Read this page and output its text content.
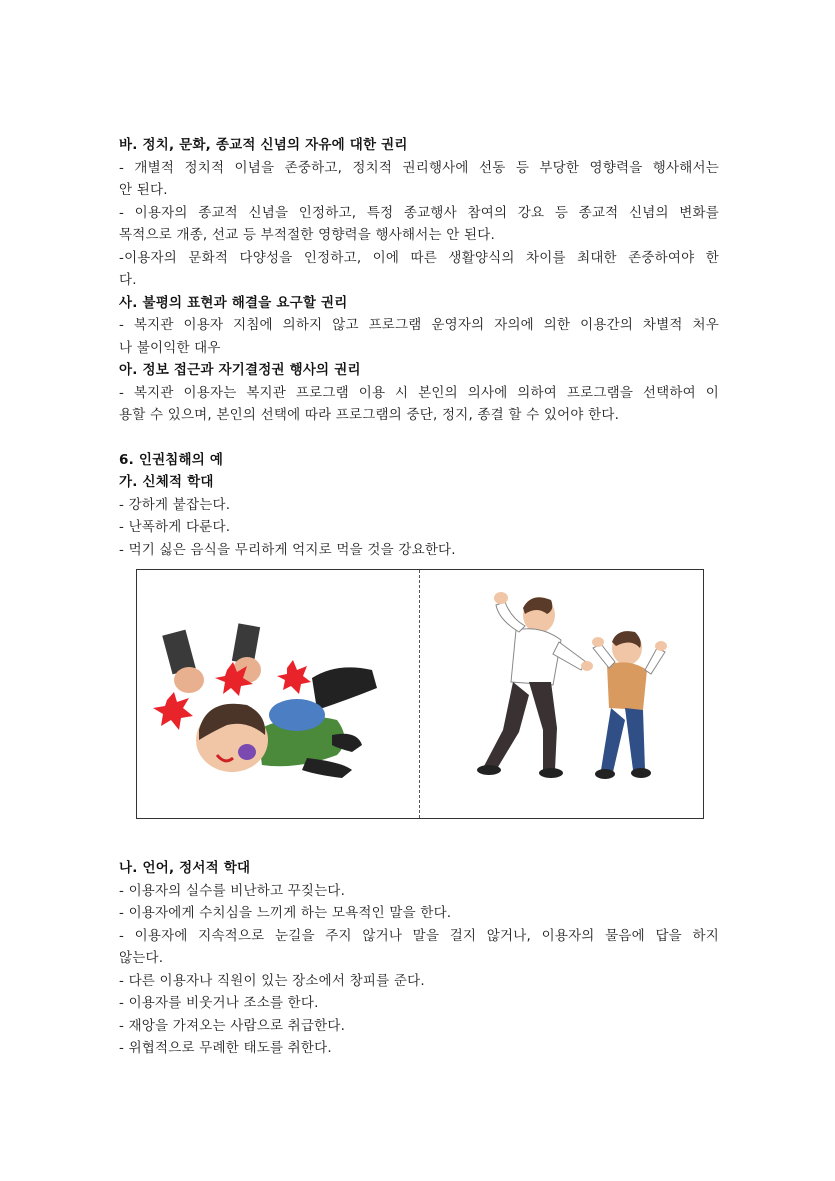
바. 정치, 문화, 종교적 신념의 자유에 대한 권리
- 개별적 정치적 이념을 존중하고, 정치적 권리행사에 선동 등 부당한 영향력을 행사해서는
안 된다.
- 이용자의 종교적 신념을 인정하고, 특정 종교행사 참여의 강요 등 종교적 신념의 변화를
목적으로 개종, 선교 등 부적절한 영향력을 행사해서는 안 된다.
-이용자의 문화적 다양성을 인정하고, 이에 따른 생활양식의 차이를 최대한 존중하여야 한
다.
사. 불평의 표현과 해결을 요구할 권리
- 복지관 이용자 지침에 의하지 않고 프로그램 운영자의 자의에 의한 이용간의 차별적 처우
나 불이익한 대우
아. 정보 접근과 자기결정권 행사의 권리
- 복지관 이용자는 복지관 프로그램 이용 시 본인의 의사에 의하여 프로그램을 선택하여 이
용할 수 있으며, 본인의 선택에 따라 프로그램의 중단, 정지, 종결 할 수 있어야 한다.
6. 인권침해의 예
가. 신체적 학대
- 강하게 붙잡는다.
- 난폭하게 다룬다.
- 먹기 싫은 음식을 무리하게 억지로 먹을 것을 강요한다.
나. 언어, 정서적 학대
- 이용자의 실수를 비난하고 꾸짖는다.
- 이용자에게 수치심을 느끼게 하는 모욕적인 말을 한다.
- 이용자에 지속적으로 눈길을 주지 않거나 말을 걸지 않거나, 이용자의 물음에 답을 하지
않는다.
- 다른 이용자나 직원이 있는 장소에서 창피를 준다.
- 이용자를 비웃거나 조소를 한다.
- 재앙을 가져오는 사람으로 취급한다.
- 위협적으로 무례한 태도를 취한다.
